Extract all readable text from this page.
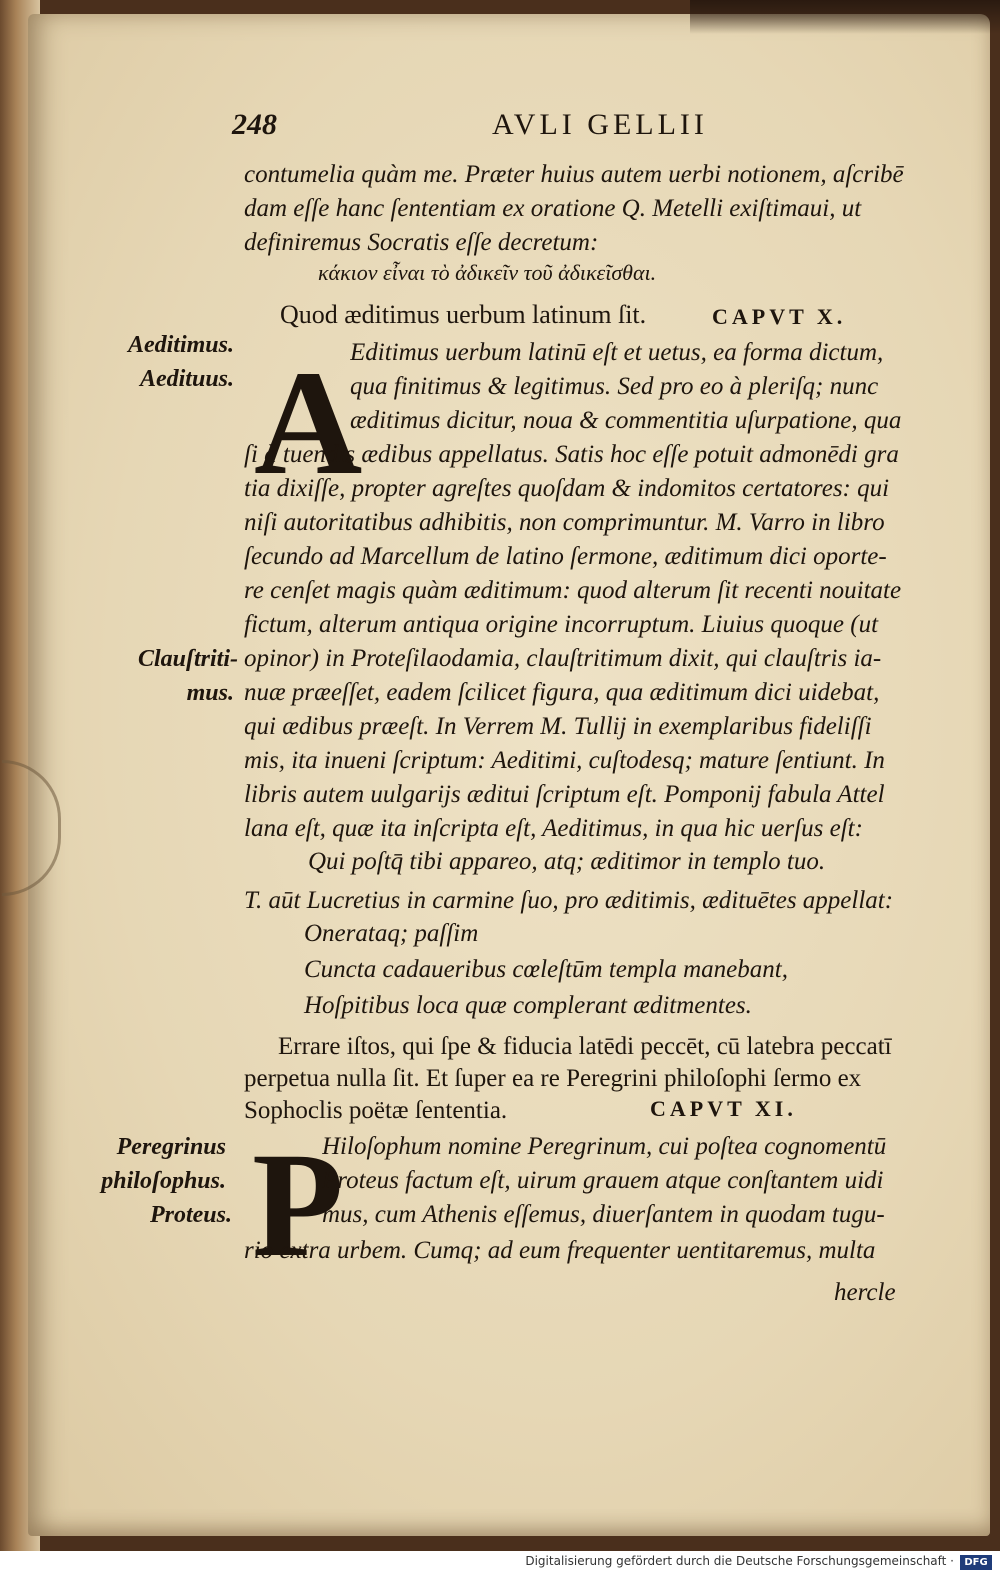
248	AVLI GELLII
contumelia quàm me. Præter huius autem uerbi notionem, aſcribē
dam eſſe hanc ſententiam ex oratione Q. Metelli exiſtimaui, ut
definiremus Socratis eſſe decretum:
κάκιον εἶναι τὸ ἀδικεῖν τοῦ ἀδικεῖσθαι.
Quod æditimus uerbum latinum ſit.	CAPVT X.
Aeditimus.
Aedituus. A
Editimus uerbum latinū eſt et uetus, ea forma dictum,
qua finitimus & legitimus. Sed pro eo à pleriſq; nunc
æditimus dicitur, noua & commentitia uſurpatione, qua
ſi à tuendis ædibus appellatus. Satis hoc eſſe potuit admonēdi gra
tia dixiſſe, propter agreſtes quoſdam & indomitos certatores: qui
niſi autoritatibus adhibitis, non comprimuntur. M. Varro in libro
ſecundo ad Marcellum de latino ſermone, æditimum dici oporte-
re cenſet magis quàm æditimum: quod alterum ſit recenti nouitate
fictum, alterum antiqua origine incorruptum. Liuius quoque (ut
Clauſtriti-
mus.
opinor) in Proteſilaodamia, clauſtritimum dixit, qui clauſtris ia-
nuæ præeſſet, eadem ſcilicet figura, qua æditimum dici uidebat,
qui ædibus præeſt. In Verrem M. Tullij in exemplaribus fideliſſi
mis, ita inueni ſcriptum: Aeditimi, cuſtodesq; mature ſentiunt. In
libris autem uulgarijs æditui ſcriptum eſt. Pomponij fabula Attel
lana eſt, quæ ita inſcripta eſt, Aeditimus, in qua hic uerſus eſt:
Qui poſtq̄ tibi appareo, atq; æditimor in templo tuo.
T. aūt Lucretius in carmine ſuo, pro æditimis, ædituētes appellat:
Onerataq; paſſim
Cuncta cadaueribus cœleſtūm templa manebant,
Hoſpitibus loca quæ complerant æditmentes.
Errare iſtos, qui ſpe & fiducia latēdi peccēt, cū latebra peccatī
perpetua nulla ſit. Et ſuper ea re Peregrini philoſophi ſermo ex
Sophoclis poëtæ ſententia.	CAPVT XI.
Peregrinus
philoſophus.
Proteus. P
Hiloſophum nomine Peregrinum, cui poſtea cognomentū
Proteus factum eſt, uirum grauem atque conſtantem uidi
mus, cum Athenis eſſemus, diuerſantem in quodam tugu-
rio extra urbem. Cumq; ad eum frequenter uentitaremus, multa
hercle
Digitalisierung gefördert durch die Deutsche Forschungsgemeinschaft ·	DFG
